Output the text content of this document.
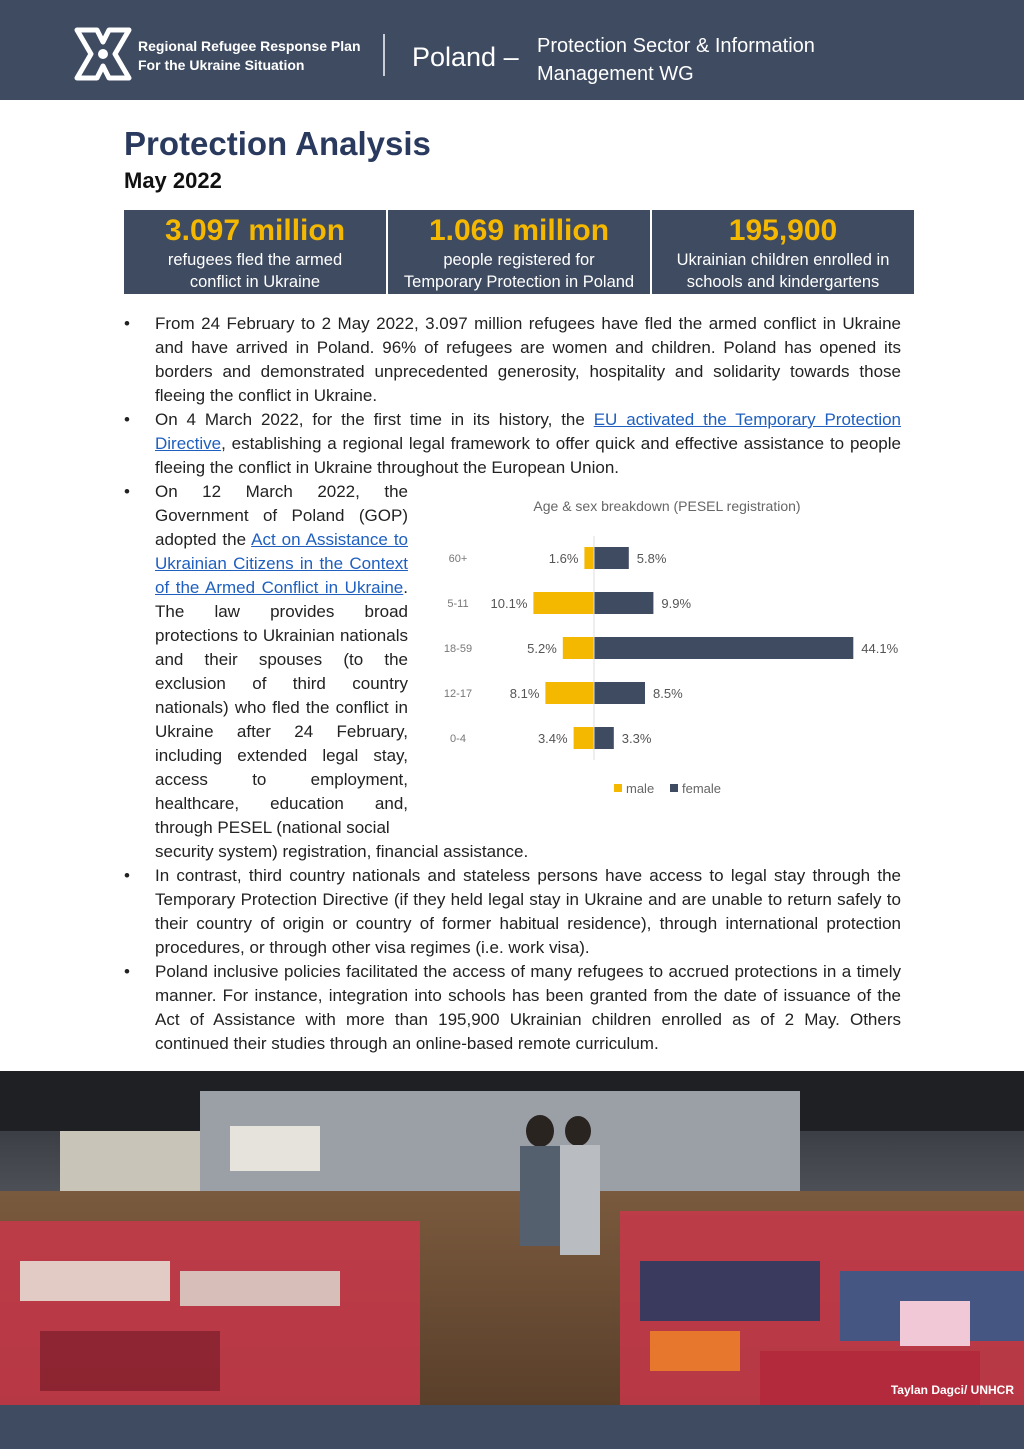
Regional Refugee Response Plan
For the Ukraine Situation	Poland – Protection Sector & Information
Management WG
Protection Analysis
May 2022
3.097 million
refugees fled the armed
conflict in Ukraine
1.069 million
people registered for
Temporary Protection in Poland
195,900
Ukrainian children enrolled in
schools and kindergartens
• From 24 February to 2 May 2022, 3.097 million refugees have fled the armed conflict in Ukraine and have arrived in Poland. 96% of refugees are women and children. Poland has opened its borders and demonstrated unprecedented generosity, hospitality and solidarity towards those fleeing the conflict in Ukraine.
• On 4 March 2022, for the first time in its history, the EU activated the Temporary Protection Directive, establishing a regional legal framework to offer quick and effective assistance to people fleeing the conflict in Ukraine throughout the European Union.
• On 12 March 2022, the Government of Poland (GOP) adopted the Act on Assistance to Ukrainian Citizens in the Context of the Armed Conflict in Ukraine. The law provides broad protections to Ukrainian nationals and their spouses (to the exclusion of third country nationals) who fled the conflict in Ukraine after 24 February, including extended legal stay, access to employment, healthcare, education and, through PESEL (national social
security system) registration, financial assistance.
• In contrast, third country nationals and stateless persons have access to legal stay through the Temporary Protection Directive (if they held legal stay in Ukraine and are unable to return safely to their country of origin or country of former habitual residence), through international protection procedures, or through other visa regimes (i.e. work visa).
• Poland inclusive policies facilitated the access of many refugees to accrued protections in a timely manner. For instance, integration into schools has been granted from the date of issuance of the Act of Assistance with more than 195,900 Ukrainian children enrolled as of 2 May. Others continued their studies through an online-based remote curriculum.
Age & sex breakdown (PESEL registration)
60+	1.6%	5.8%
5-11 10.1%	9.9%
18-59	5.2%	44.1%
12-17	8.1%	8.5%
0-4	3.4%	3.3%
male female
Taylan Dagci/ UNHCR
